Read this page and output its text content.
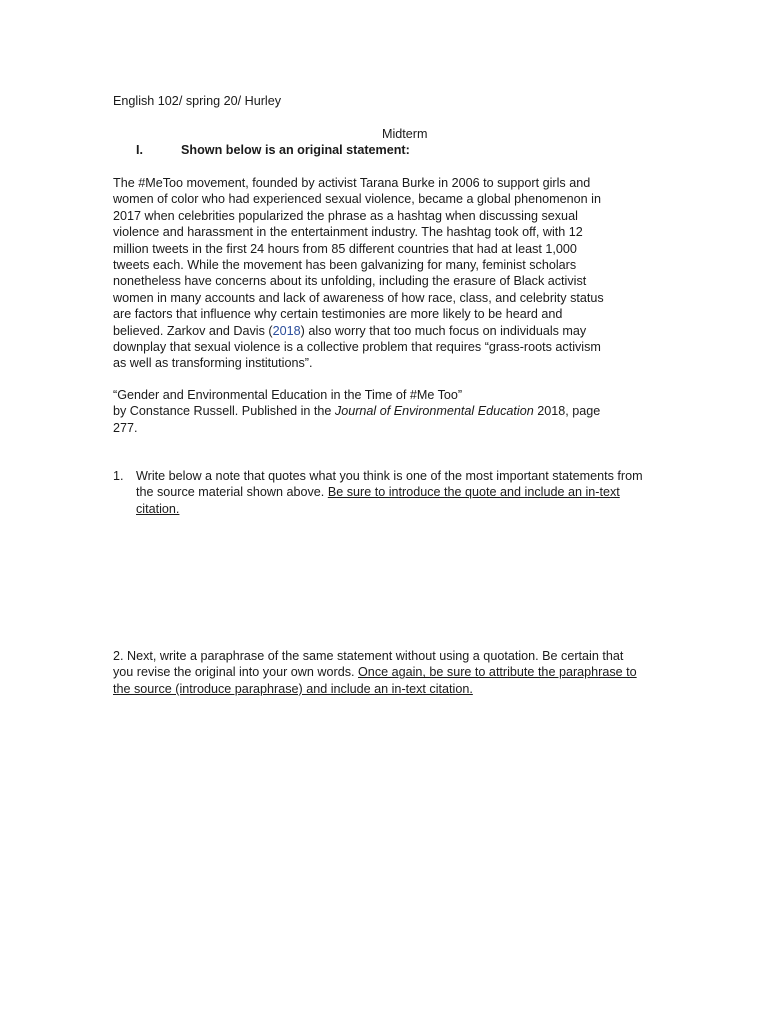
English 102/ spring 20/ Hurley
Midterm
I.	Shown below is an original statement:
The #MeToo movement, founded by activist Tarana Burke in 2006 to support girls and
women of color who had experienced sexual violence, became a global phenomenon in
2017 when celebrities popularized the phrase as a hashtag when discussing sexual
violence and harassment in the entertainment industry. The hashtag took off, with 12
million tweets in the first 24 hours from 85 different countries that had at least 1,000
tweets each. While the movement has been galvanizing for many, feminist scholars
nonetheless have concerns about its unfolding, including the erasure of Black activist
women in many accounts and lack of awareness of how race, class, and celebrity status
are factors that influence why certain testimonies are more likely to be heard and
believed. Zarkov and Davis (2018) also worry that too much focus on individuals may
downplay that sexual violence is a collective problem that requires “grass-roots activism
as well as transforming institutions”.
“Gender and Environmental Education in the Time of #Me Too”
by Constance Russell. Published in the Journal of Environmental Education 2018, page
277.
1. Write below a note that quotes what you think is one of the most important statements from
the source material shown above. Be sure to introduce the quote and include an in-text
citation.
2. Next, write a paraphrase of the same statement without using a quotation. Be certain that
you revise the original into your own words. Once again, be sure to attribute the paraphrase to
the source (introduce paraphrase) and include an in-text citation.
